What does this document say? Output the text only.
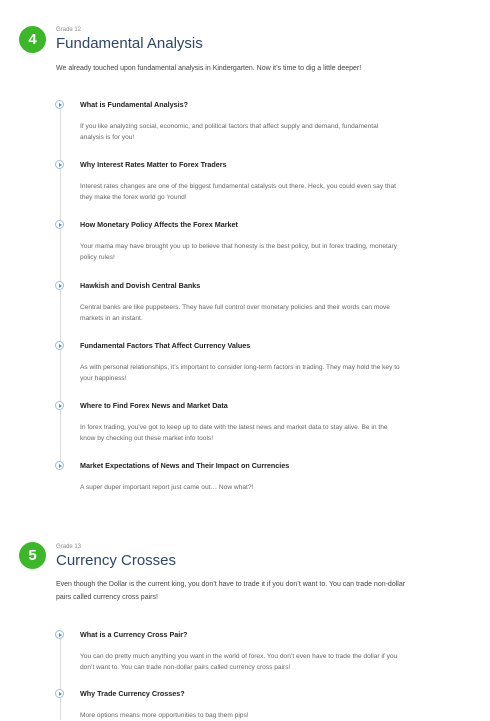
4
Grade 12
Fundamental Analysis
We already touched upon fundamental analysis in Kindergarten. Now it’s time to dig a little deeper!
What is Fundamental Analysis?
If you like analyzing social, economic, and political factors that affect supply and demand, fundamental analysis is for you!
Why Interest Rates Matter to Forex Traders
Interest rates changes are one of the biggest fundamental catalysts out there. Heck, you could even say that they make the forex world go ‘round!
How Monetary Policy Affects the Forex Market
Your mama may have brought you up to believe that honesty is the best policy, but in forex trading, monetary policy rules!
Hawkish and Dovish Central Banks
Central banks are like puppeteers. They have full control over monetary policies and their words can move markets in an instant.
Fundamental Factors That Affect Currency Values
As with personal relationships, it’s important to consider long-term factors in trading. They may hold the key to your happiness!
Where to Find Forex News and Market Data
In forex trading, you’ve got to keep up to date with the latest news and market data to stay alive. Be in the know by checking out these market info tools!
Market Expectations of News and Their Impact on Currencies
A super duper important report just came out… Now what?!
5	Grade 13
Currency Crosses
Even though the Dollar is the current king, you don’t have to trade it if you don’t want to. You can trade non-dollar pairs called currency cross pairs!
What is a Currency Cross Pair?
You can do pretty much anything you want in the world of forex. You don’t even have to trade the dollar if you don’t want to. You can trade non-dollar pairs called currency cross pairs!
Why Trade Currency Crosses?
More options means more opportunities to bag them pips!
